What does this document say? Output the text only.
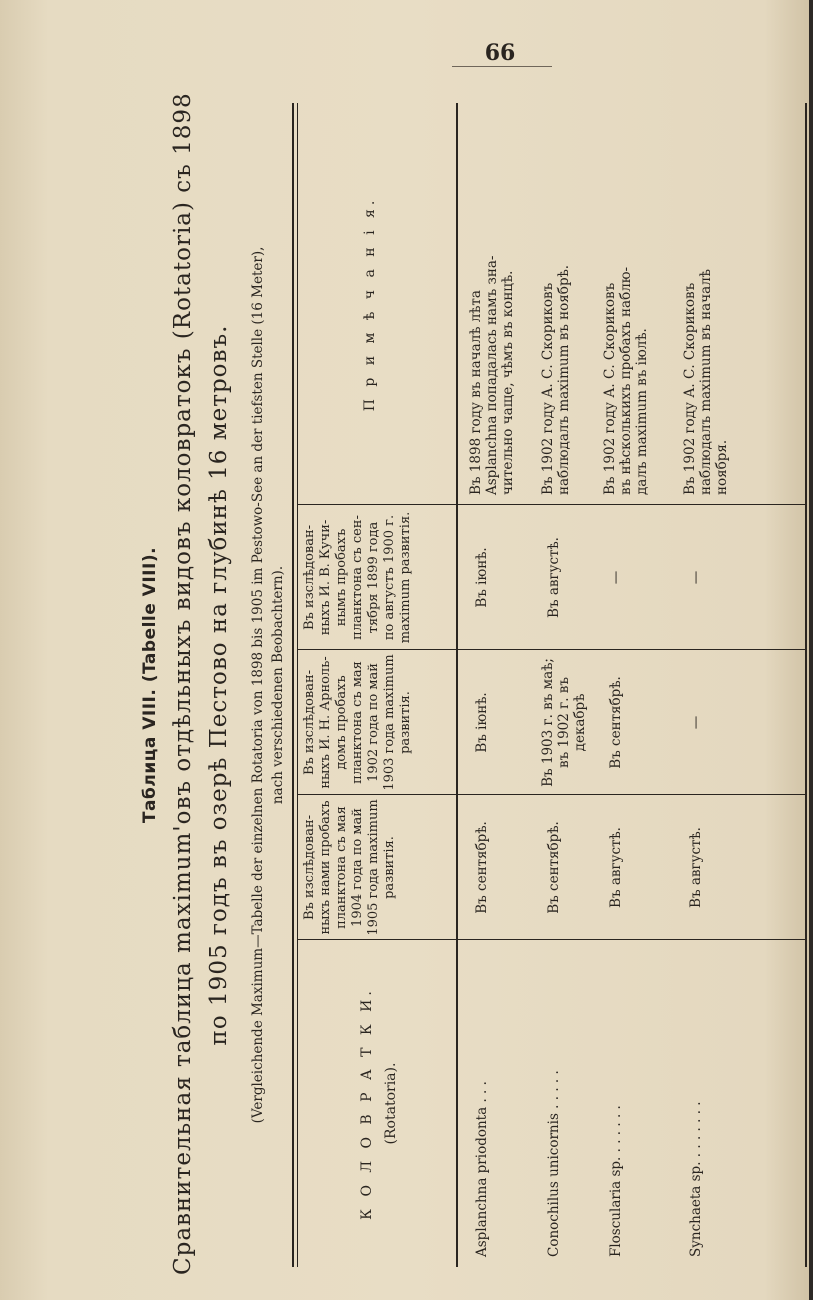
66
Таблица VIII. (Tabelle VIII). Сравнительная таблица maximum'овъ отдѣльныхъ видовъ коловратокъ (Rotatoria) съ 1898 по 1905 годъ въ озерѣ Пестово на глубинѣ 16 метровъ. (Vergleichende Maximum—Tabelle der einzelnen Rotatoria von 1898 bis 1905 im Pestowo-See an der tiefsten Stelle (16 Meter), nach verschiedenen Beobachtern).
К О Л О В Р А Т К И. (Rotatoria).
Въ изслѣдован- ныхъ нами пробахъ планктона съ мая 1904 года по май 1905 года maximum развитія.
Въ изслѣдован- ныхъ И. Н. Арноль- домъ пробахъ планктона съ мая 1902 года по май 1903 года maximum развитія.
Въ изслѣдован- ныхъ И. В. Кучи- нымъ пробахъ планктона съ сен- тября 1899 года по августъ 1900 г. maximum развитія.
П р и м ѣ ч а н і я.
Asplanchna priodonta . . .
Въ сентябрѣ.
Въ іюнѣ.
Въ іюнѣ.
Въ 1898 году въ началѣ лѣта Asplanchna попадалась намъ зна- чительно чаще, чѣмъ въ концѣ.
Conochilus unicornis . . . . .
Въ сентябрѣ.
Въ 1903 г. въ маѣ; въ 1902 г. въ декабрѣ
Въ августѣ.
Въ 1902 году А. С. Скориковъ наблюдалъ maximum въ ноябрѣ.
Floscularia sp. . . . . . .
Въ августѣ.
Въ сентябрѣ.
—
Въ 1902 году А. С. Скориковъ въ нѣсколькихъ пробахъ наблю- далъ maximum въ іюлѣ.
Synchaeta sp. . . . . . . .
Въ августѣ.
—
—
Въ 1902 году А. С. Скориковъ наблюдалъ maximum въ началѣ ноября.
